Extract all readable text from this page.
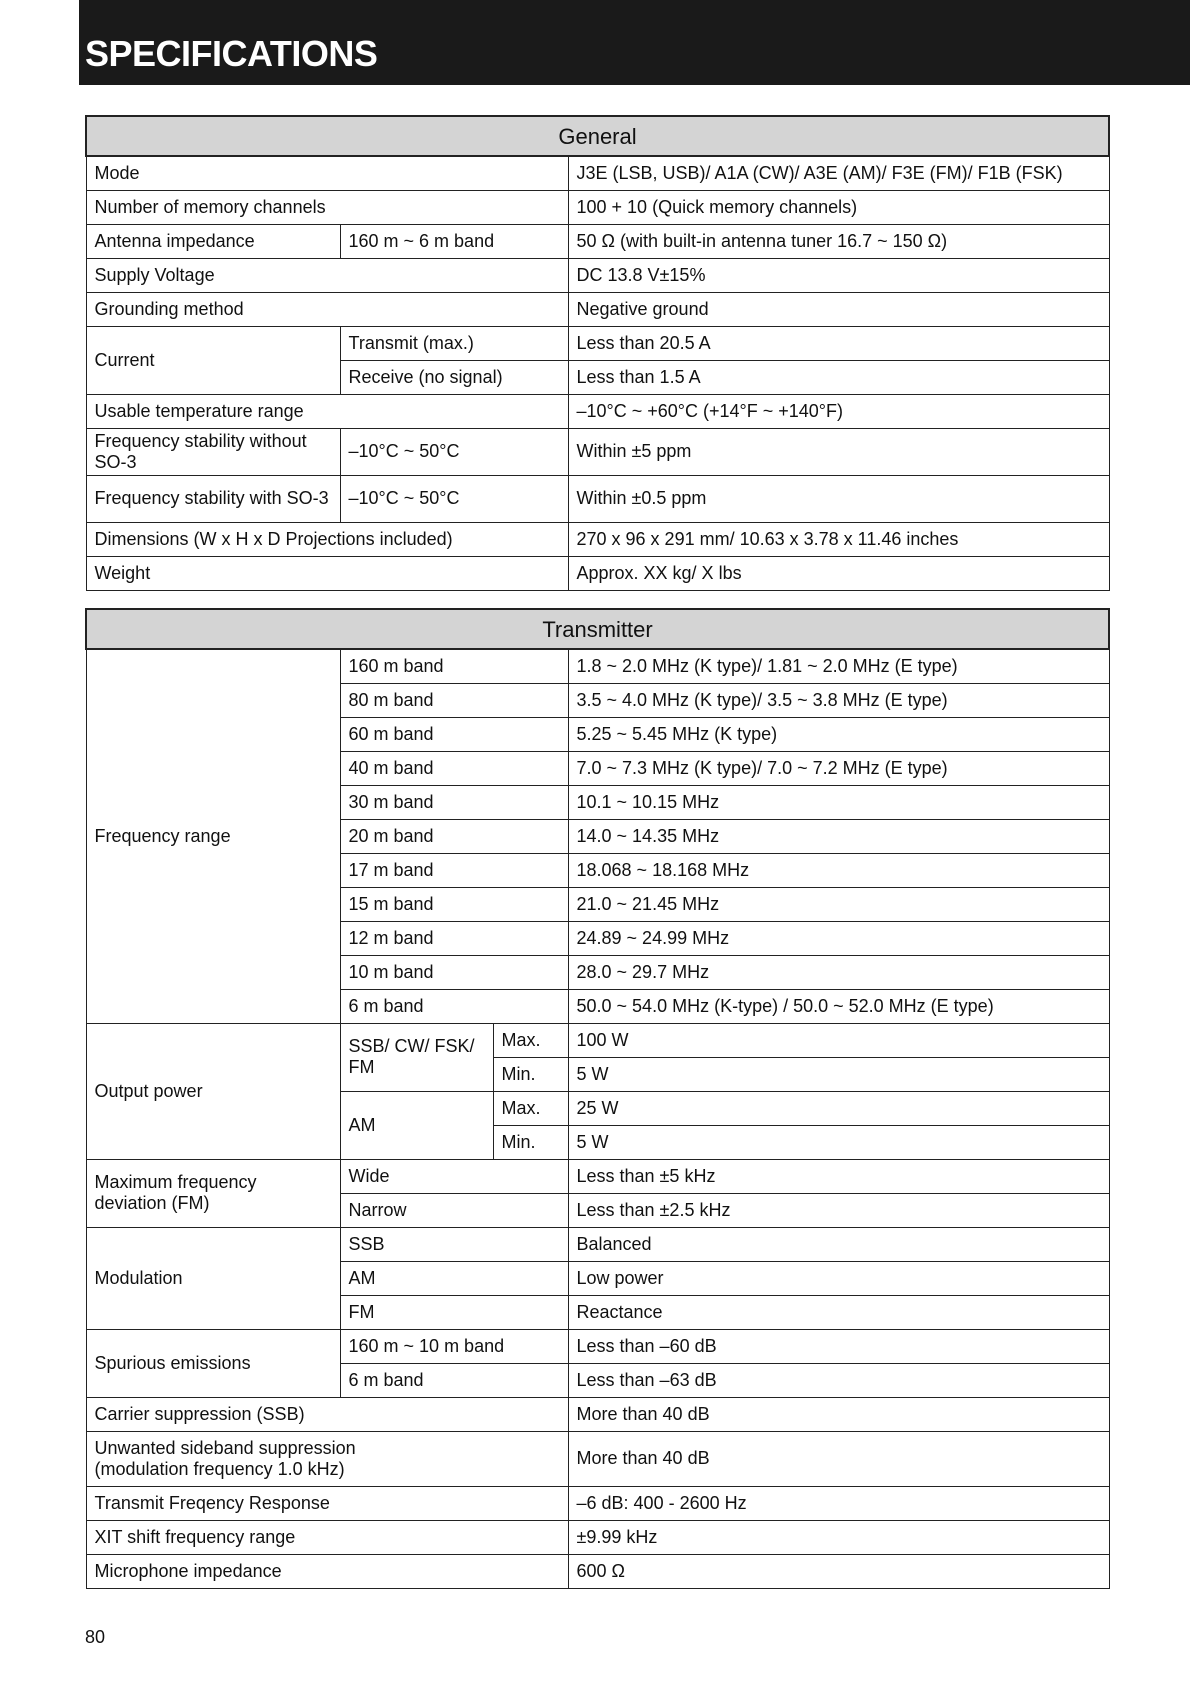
SPECIFICATIONS
General		
Mode		J3E (LSB, USB)/ A1A (CW)/ A3E (AM)/ F3E (FM)/ F1B (FSK)
Number of memory channels		100 + 10 (Quick memory channels)
Antenna impedance	160 m ~ 6 m band	50 Ω (with built-in antenna tuner 16.7 ~ 150 Ω)
Supply Voltage		DC 13.8 V±15%
Grounding method		Negative ground
Current	Transmit (max.)	Less than 20.5 A
	Receive (no signal)	Less than 1.5 A
Usable temperature range		–10°C ~ +60°C (+14°F ~ +140°F)
Frequency stability without SO-3	–10°C ~ 50°C	Within ±5 ppm
Frequency stability with SO-3	–10°C ~ 50°C	Within ±0.5 ppm
Dimensions (W x H x D Projections included)		270 x 96 x 291 mm/ 10.63 x 3.78 x 11.46 inches
Weight		Approx. XX kg/ X lbs
Transmitter			
Frequency range	160 m band		1.8 ~ 2.0 MHz (K type)/ 1.81 ~ 2.0 MHz (E type)
	80 m band		3.5 ~ 4.0 MHz (K type)/ 3.5 ~ 3.8 MHz (E type)
	60 m band		5.25 ~ 5.45 MHz (K type)
	40 m band		7.0 ~ 7.3 MHz (K type)/ 7.0 ~ 7.2 MHz (E type)
	30 m band		10.1 ~ 10.15 MHz
	20 m band		14.0 ~ 14.35 MHz
	17 m band		18.068 ~ 18.168 MHz
	15 m band		21.0 ~ 21.45 MHz
	12 m band		24.89 ~ 24.99 MHz
	10 m band		28.0 ~ 29.7 MHz
	6 m band		50.0 ~ 54.0 MHz (K-type) / 50.0 ~ 52.0 MHz (E type)
Output power	SSB/ CW/ FSK/ FM	Max.	100 W
		Min.	5 W
	AM	Max.	25 W
		Min.	5 W
Maximum frequency deviation (FM)	Wide		Less than ±5 kHz
	Narrow		Less than ±2.5 kHz
Modulation	SSB		Balanced
	AM		Low power
	FM		Reactance
Spurious emissions	160 m ~ 10 m band		Less than –60 dB
	6 m band		Less than –63 dB
Carrier suppression (SSB)			More than 40 dB

Unwanted sideband suppression (modulation frequency 1.0 kHz)			More than 40 dB
Transmit Freqency Response			–6 dB: 400 - 2600 Hz
XIT shift frequency range			±9.99 kHz
Microphone impedance			600 Ω
80
